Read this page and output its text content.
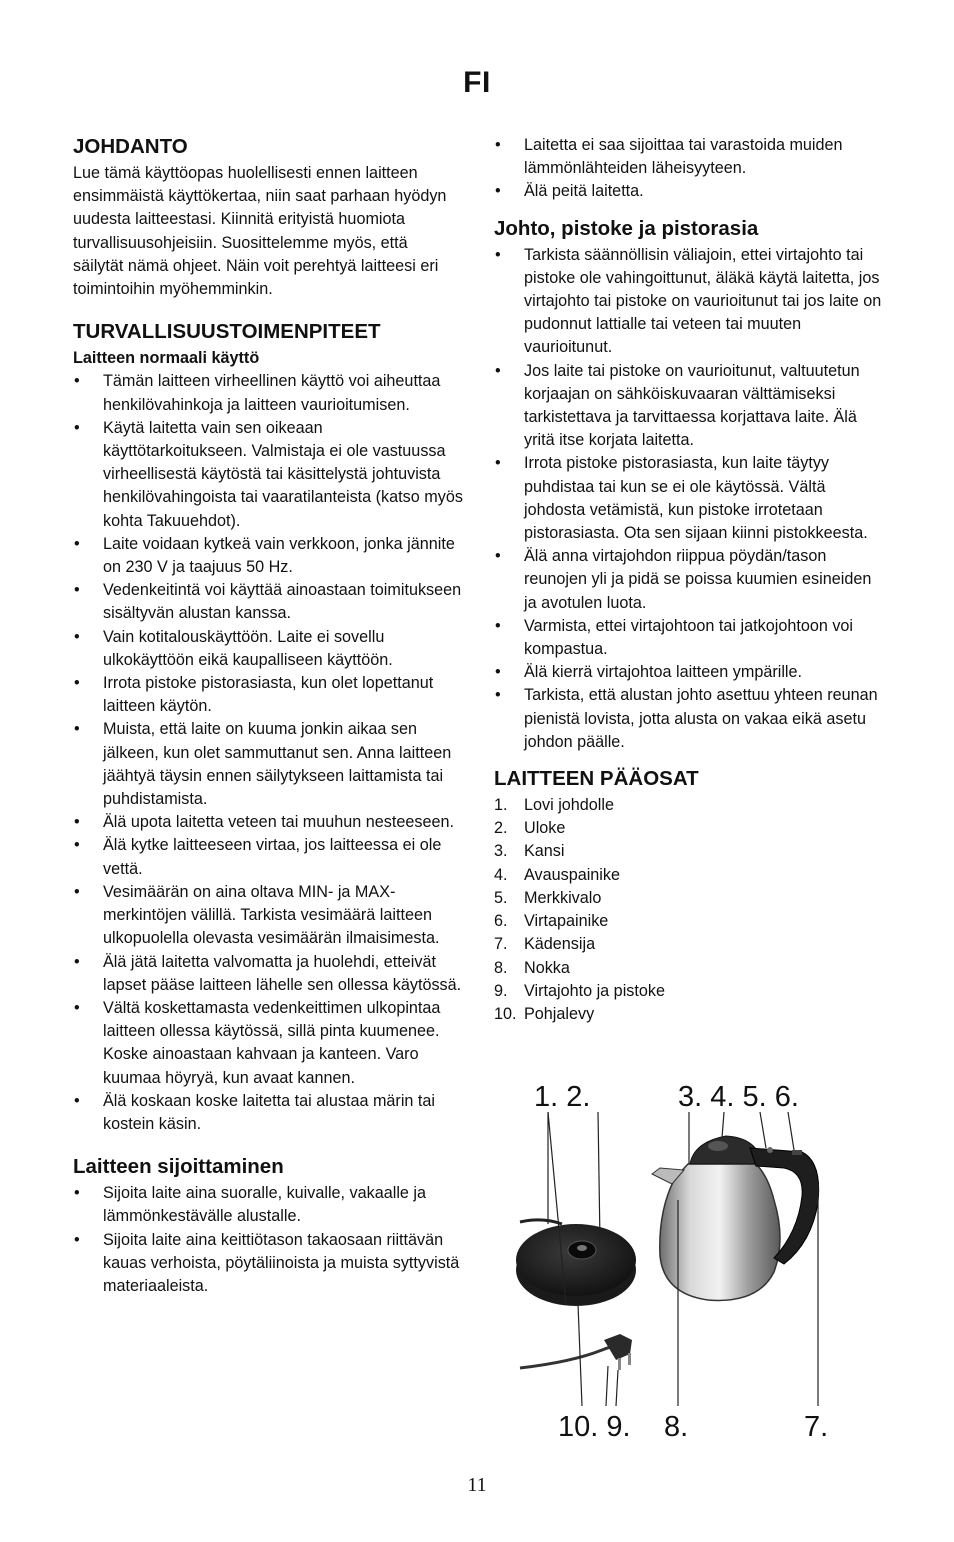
FI
JOHDANTO

Lue tämä käyttöopas huolellisesti ennen laitteen ensimmäistä käyttökertaa, niin saat parhaan hyödyn uudesta laitteestasi. Kiinnitä erityistä huomiota turvallisuusohjeisiin. Suosittelemme myös, että säilytät nämä ohjeet. Näin voit perehtyä laitteesi eri toimintoihin myöhemminkin.

TURVALLISUUSTOIMENPITEET
Laitteen normaali käyttö
• Tämän laitteen virheellinen käyttö voi aiheuttaa henkilövahinkoja ja laitteen vaurioitumisen.
• Käytä laitetta vain sen oikeaan käyttötarkoitukseen. Valmistaja ei ole vastuussa virheellisestä käytöstä tai käsittelystä johtuvista henkilövahingoista tai vaaratilanteista (katso myös kohta Takuuehdot).
• Laite voidaan kytkeä vain verkkoon, jonka jännite on 230 V ja taajuus 50 Hz.
• Vedenkeitintä voi käyttää ainoastaan toimitukseen sisältyvän alustan kanssa.
• Vain kotitalouskäyttöön. Laite ei sovellu ulkokäyttöön eikä kaupalliseen käyttöön.
• Irrota pistoke pistorasiasta, kun olet lopettanut laitteen käytön.
• Muista, että laite on kuuma jonkin aikaa sen jälkeen, kun olet sammuttanut sen. Anna laitteen jäähtyä täysin ennen säilytykseen laittamista tai puhdistamista.
• Älä upota laitetta veteen tai muuhun nesteeseen.
• Älä kytke laitteeseen virtaa, jos laitteessa ei ole vettä.
• Vesimäärän on aina oltava MIN- ja MAX-merkintöjen välillä. Tarkista vesimäärä laitteen ulkopuolella olevasta vesimäärän ilmaisimesta.
• Älä jätä laitetta valvomatta ja huolehdi, etteivät lapset pääse laitteen lähelle sen ollessa käytössä.
• Vältä koskettamasta vedenkeittimen ulkopintaa laitteen ollessa käytössä, sillä pinta kuumenee. Koske ainoastaan kahvaan ja kanteen. Varo kuumaa höyryä, kun avaat kannen.
• Älä koskaan koske laitetta tai alustaa märin tai kostein käsin.
Laitteen sijoittaminen
• Sijoita laite aina suoralle, kuivalle, vakaalle ja lämmönkestävälle alustalle.
• Sijoita laite aina keittiötason takaosaan riittävän kauas verhoista, pöytäliinoista ja muista syttyvistä materiaaleista.
• Laitetta ei saa sijoittaa tai varastoida muiden lämmönlähteiden läheisyyteen.
• Älä peitä laitetta.
Johto, pistoke ja pistorasia
• Tarkista säännöllisin väliajoin, ettei virtajohto tai pistoke ole vahingoittunut, äläkä käytä laitetta, jos virtajohto tai pistoke on vaurioitunut tai jos laite on pudonnut lattialle tai veteen tai muuten vaurioitunut.
• Jos laite tai pistoke on vaurioitunut, valtuutetun korjaajan on sähköiskuvaaran välttämiseksi tarkistettava ja tarvittaessa korjattava laite. Älä yritä itse korjata laitetta.
• Irrota pistoke pistorasiasta, kun laite täytyy puhdistaa tai kun se ei ole käytössä. Vältä johdosta vetämistä, kun pistoke irrotetaan pistorasiasta. Ota sen sijaan kiinni pistokkeesta.
• Älä anna virtajohdon riippua pöydän/tason reunojen yli ja pidä se poissa kuumien esineiden ja avotulen luota.
• Varmista, ettei virtajohtoon tai jatkojohtoon voi kompastua.
• Älä kierrä virtajohtoa laitteen ympärille.
• Tarkista, että alustan johto asettuu yhteen reunan pienistä lovista, jotta alusta on vakaa eikä asetu johdon päälle.
LAITTEEN PÄÄOSAT
1. Lovi johdolle
2. Uloke
3. Kansi
4. Avauspainike
5. Merkkivalo
6. Virtapainike
7. Kädensija
8. Nokka
9. Virtajohto ja pistoke
10. Pohjalevy
1. 2.	3. 4. 5. 6.
10. 9. 8.	7.
11
